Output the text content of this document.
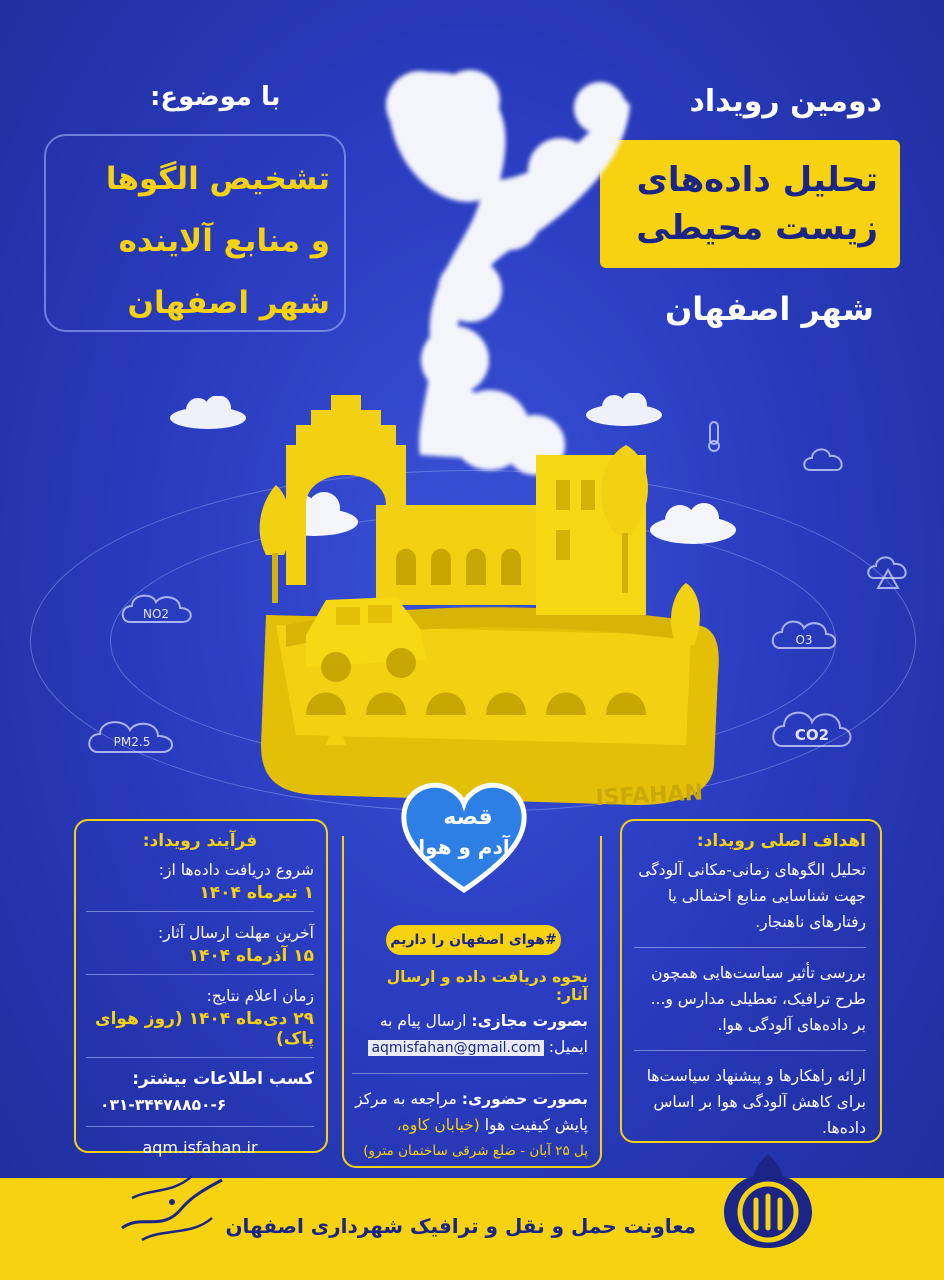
دومین رویداد
تحلیل داده‌های
زیست محیطی
شهر اصفهان
با موضوع:
تشخیص الگوها
و منابع آلاینده
شهر اصفهان
NO2
PM2.5
O3
CO2
ISFAHAN
قصه
آدم و هوا
#هوای اصفهان را داریم
فرآیند رویداد:
شروع دریافت داده‌ها از:
۱ تیرماه ۱۴۰۴
آخرین مهلت ارسال آثار:
۱۵ آذرماه ۱۴۰۴
زمان اعلام نتایج:
۲۹ دی‌ماه ۱۴۰۴ (روز هوای پاک)
کسب اطلاعات بیشتر:
۰۳۱-۳۴۴۷۸۸۵۰-۶
aqm.isfahan.ir
نحوه دریافت داده و ارسال آثار:
بصورت مجازی: ارسال پیام به
ایمیل: aqmisfahan@gmail.com
بصورت حضوری: مراجعه به مرکز
پایش کیفیت هوا (خیابان کاوه،
پل ۲۵ آبان - ضلع شرقی ساختمان مترو)
اهداف اصلی رویداد:
تحلیل الگوهای زمانی-مکانی آلودگی جهت شناسایی منابع احتمالی یا رفتارهای ناهنجار.
بررسی تأثیر سیاست‌هایی همچون طرح ترافیک، تعطیلی مدارس و... بر داده‌های آلودگی هوا.
ارائه راهکارها و پیشنهاد سیاست‌ها برای کاهش آلودگی هوا بر اساس داده‌ها.
معاونت حمل و نقل و ترافیک شهرداری اصفهان
